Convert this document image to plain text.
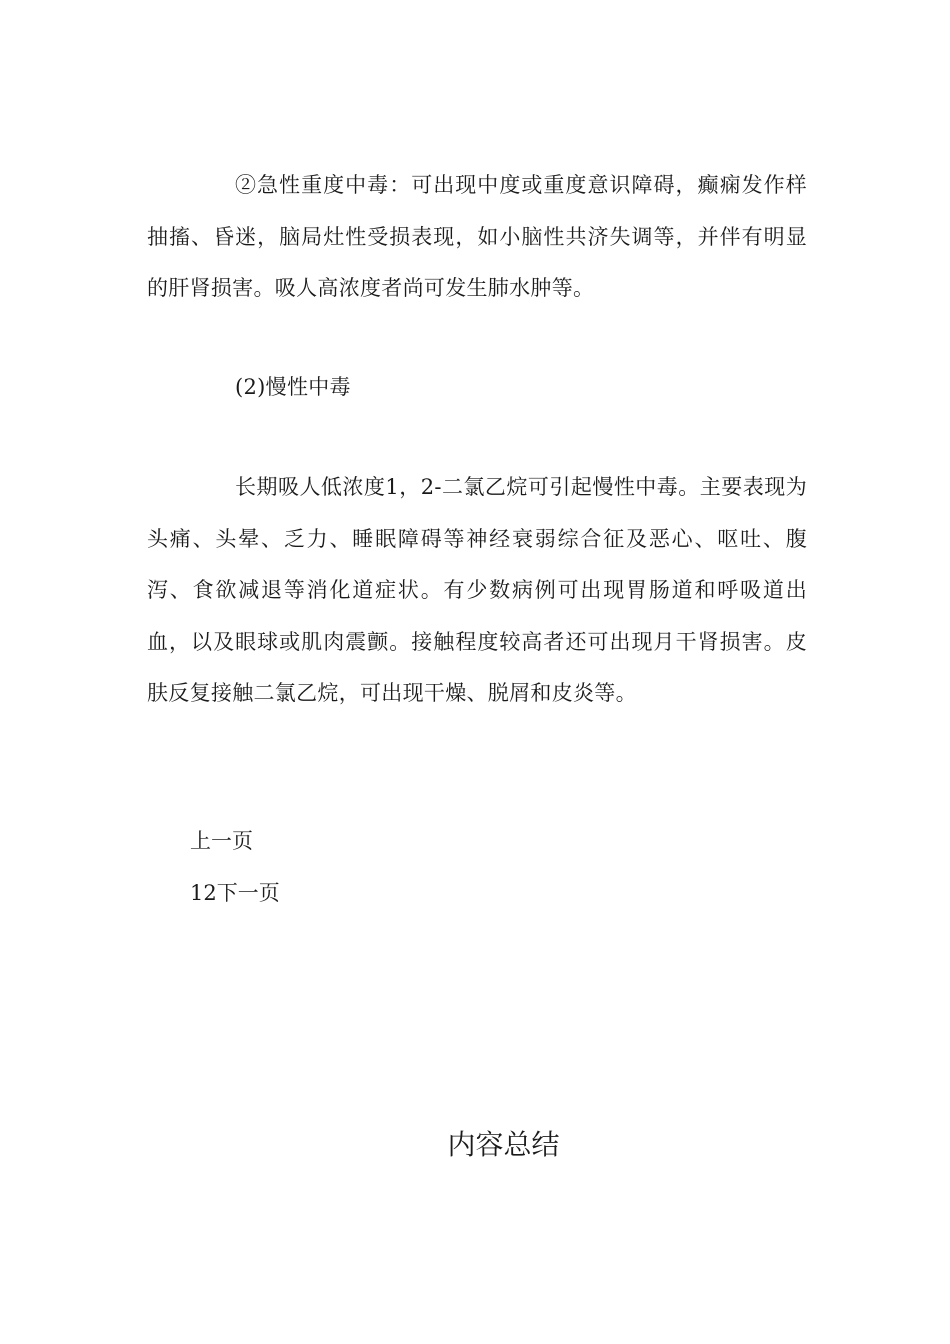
②急性重度中毒：可出现中度或重度意识障碍，癫痫发作样抽搐、昏迷，脑局灶性受损表现，如小脑性共济失调等，并伴有明显的肝肾损害。吸人高浓度者尚可发生肺水肿等。

(2)慢性中毒

长期吸人低浓度1，2-二氯乙烷可引起慢性中毒。主要表现为头痛、头晕、乏力、睡眠障碍等神经衰弱综合征及恶心、呕吐、腹泻、食欲减退等消化道症状。有少数病例可出现胃肠道和呼吸道出血，以及眼球或肌肉震颤。接触程度较高者还可出现月干肾损害。皮肤反复接触二氯乙烷，可出现干燥、脱屑和皮炎等。

上一页

12下一页

内容总结
